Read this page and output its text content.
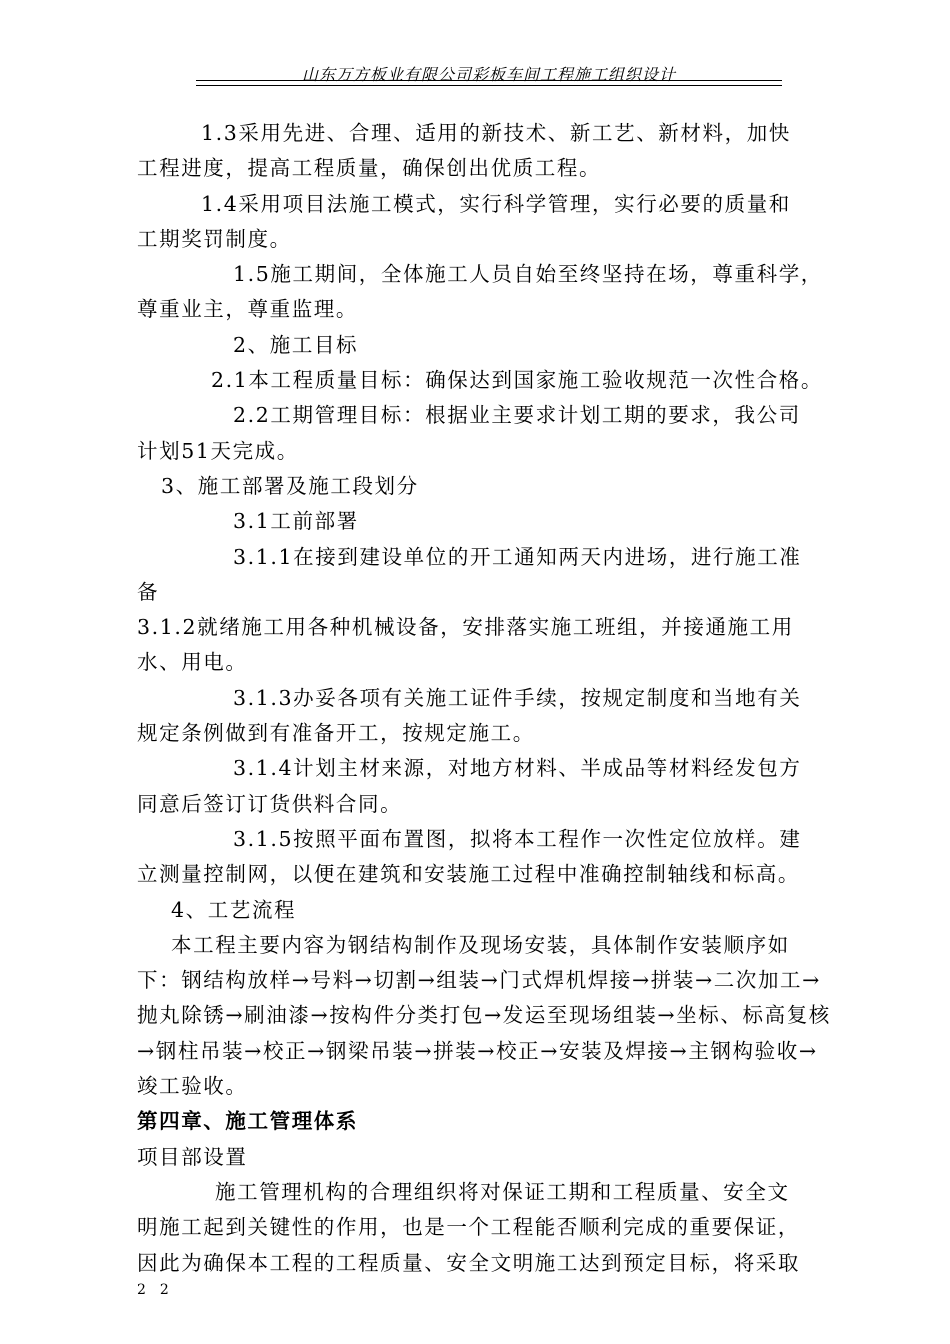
山东万方板业有限公司彩板车间工程施工组织设计

1.3采用先进、合理、适用的新技术、新工艺、新材料，加快

工程进度，提高工程质量，确保创出优质工程。

1.4采用项目法施工模式，实行科学管理，实行必要的质量和

工期奖罚制度。

1.5施工期间，全体施工人员自始至终坚持在场，尊重科学，

尊重业主，尊重监理。

2、施工目标

2.1本工程质量目标：确保达到国家施工验收规范一次性合格。

2.2工期管理目标：根据业主要求计划工期的要求，我公司

计划51天完成。

3、施工部署及施工段划分

3.1工前部署

3.1.1在接到建设单位的开工通知两天内进场，进行施工准

备

3.1.2就绪施工用各种机械设备，安排落实施工班组，并接通施工用

水、用电。

3.1.3办妥各项有关施工证件手续，按规定制度和当地有关

规定条例做到有准备开工，按规定施工。

3.1.4计划主材来源，对地方材料、半成品等材料经发包方

同意后签订订货供料合同。

3.1.5按照平面布置图，拟将本工程作一次性定位放样。建

立测量控制网，以便在建筑和安装施工过程中准确控制轴线和标高。

4、工艺流程

本工程主要内容为钢结构制作及现场安装，具体制作安装顺序如

下：钢结构放样→号料→切割→组装→门式焊机焊接→拼装→二次加工→

抛丸除锈→刷油漆→按构件分类打包→发运至现场组装→坐标、标高复核

→钢柱吊装→校正→钢梁吊装→拼装→校正→安装及焊接→主钢构验收→

竣工验收。

第四章、施工管理体系

项目部设置

施工管理机构的合理组织将对保证工期和工程质量、安全文

明施工起到关键性的作用，也是一个工程能否顺利完成的重要保证，

因此为确保本工程的工程质量、安全文明施工达到预定目标，将采取

22
